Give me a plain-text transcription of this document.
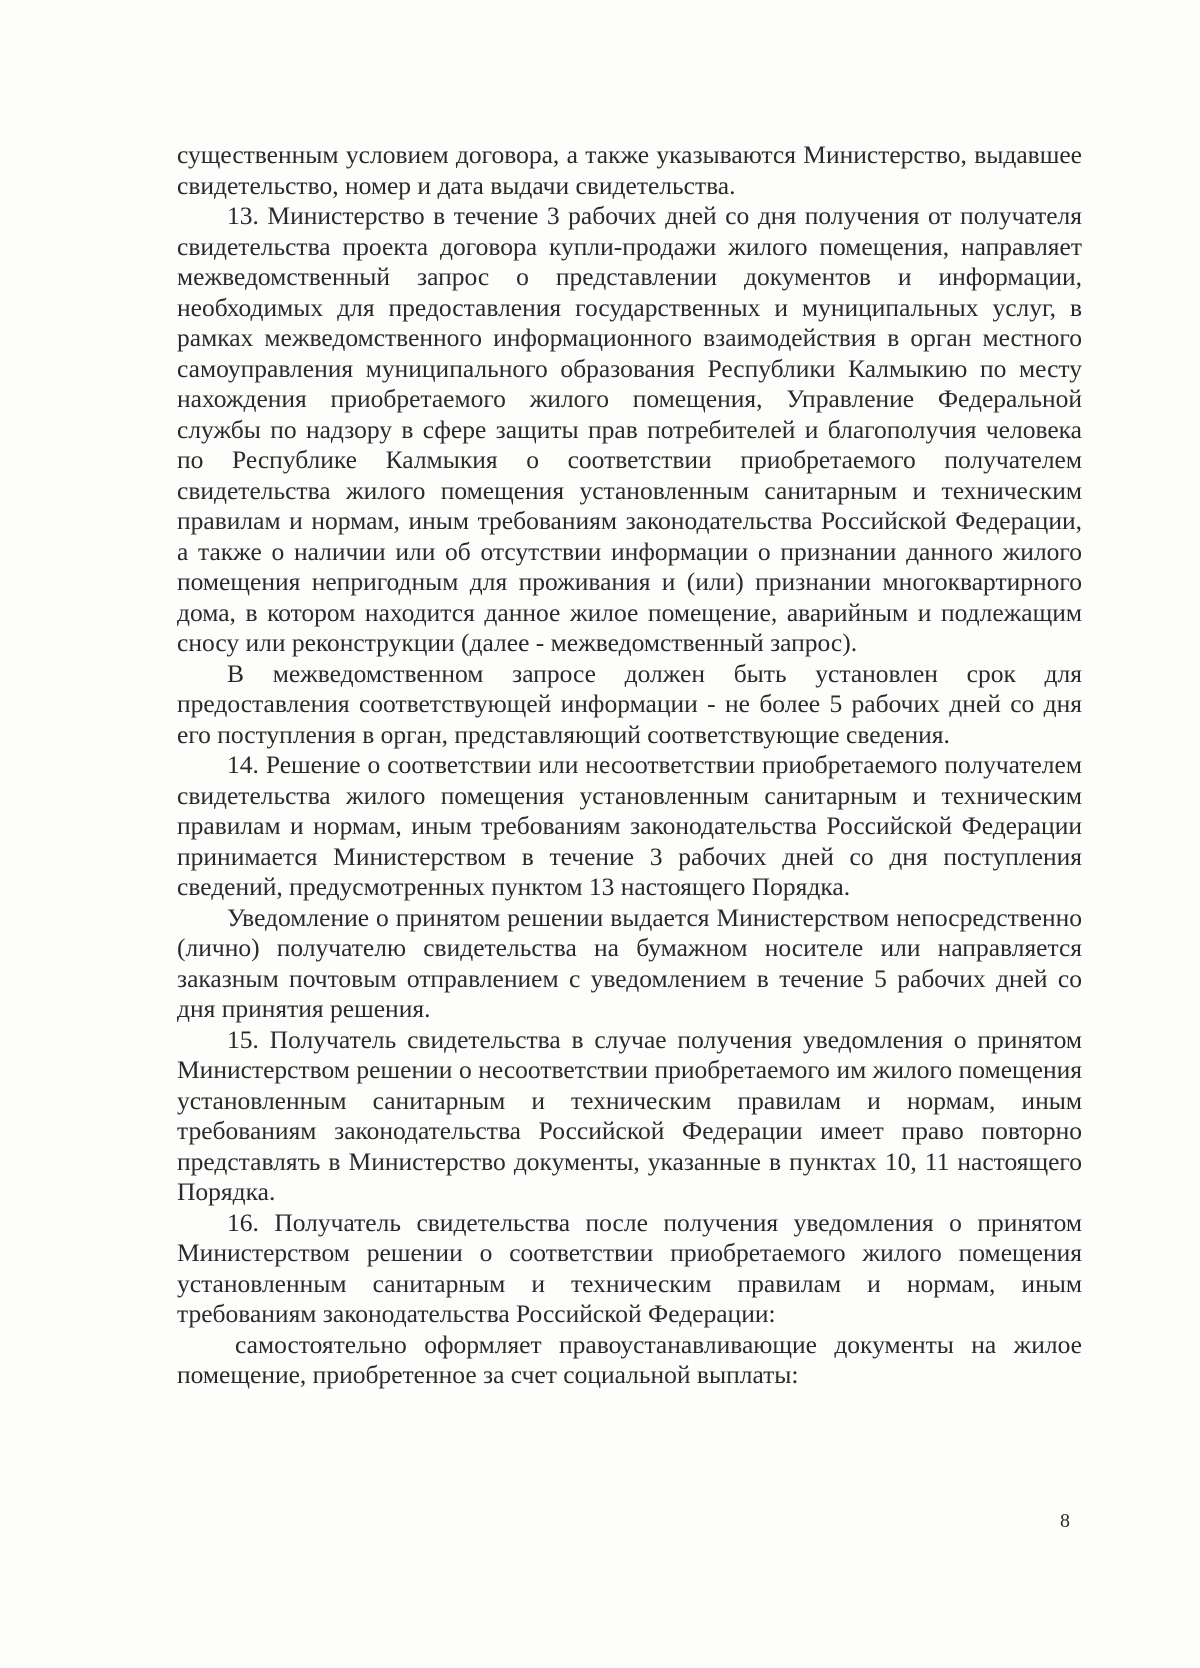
существенным условием договора, а также указываются Министерство, выдавшее свидетельство, номер и дата выдачи свидетельства.

13. Министерство в течение 3 рабочих дней со дня получения от получателя свидетельства проекта договора купли-продажи жилого помещения, направляет межведомственный запрос о представлении документов и информации, необходимых для предоставления государственных и муниципальных услуг, в рамках межведомственного информационного взаимодействия в орган местного самоуправления муниципального образования Республики Калмыкию по месту нахождения приобретаемого жилого помещения, Управление Федеральной службы по надзору в сфере защиты прав потребителей и благополучия человека по Республике Калмыкия о соответствии приобретаемого получателем свидетельства жилого помещения установленным санитарным и техническим правилам и нормам, иным требованиям законодательства Российской Федерации, а также о наличии или об отсутствии информации о признании данного жилого помещения непригодным для проживания и (или) признании многоквартирного дома, в котором находится данное жилое помещение, аварийным и подлежащим сносу или реконструкции (далее - межведомственный запрос).

В межведомственном запросе должен быть установлен срок для предоставления соответствующей информации - не более 5 рабочих дней со дня его поступления в орган, представляющий соответствующие сведения.

14. Решение о соответствии или несоответствии приобретаемого получателем свидетельства жилого помещения установленным санитарным и техническим правилам и нормам, иным требованиям законодательства Российской Федерации принимается Министерством в течение 3 рабочих дней со дня поступления сведений, предусмотренных пунктом 13 настоящего Порядка.

Уведомление о принятом решении выдается Министерством непосредственно (лично) получателю свидетельства на бумажном носителе или направляется заказным почтовым отправлением с уведомлением в течение 5 рабочих дней со дня принятия решения.

15. Получатель свидетельства в случае получения уведомления о принятом Министерством решении о несоответствии приобретаемого им жилого помещения установленным санитарным и техническим правилам и нормам, иным требованиям законодательства Российской Федерации имеет право повторно представлять в Министерство документы, указанные в пунктах 10, 11 настоящего Порядка.

16. Получатель свидетельства после получения уведомления о принятом Министерством решении о соответствии приобретаемого жилого помещения установленным санитарным и техническим правилам и нормам, иным требованиям законодательства Российской Федерации:

самостоятельно оформляет правоустанавливающие документы на жилое помещение, приобретенное за счет социальной выплаты:

8
